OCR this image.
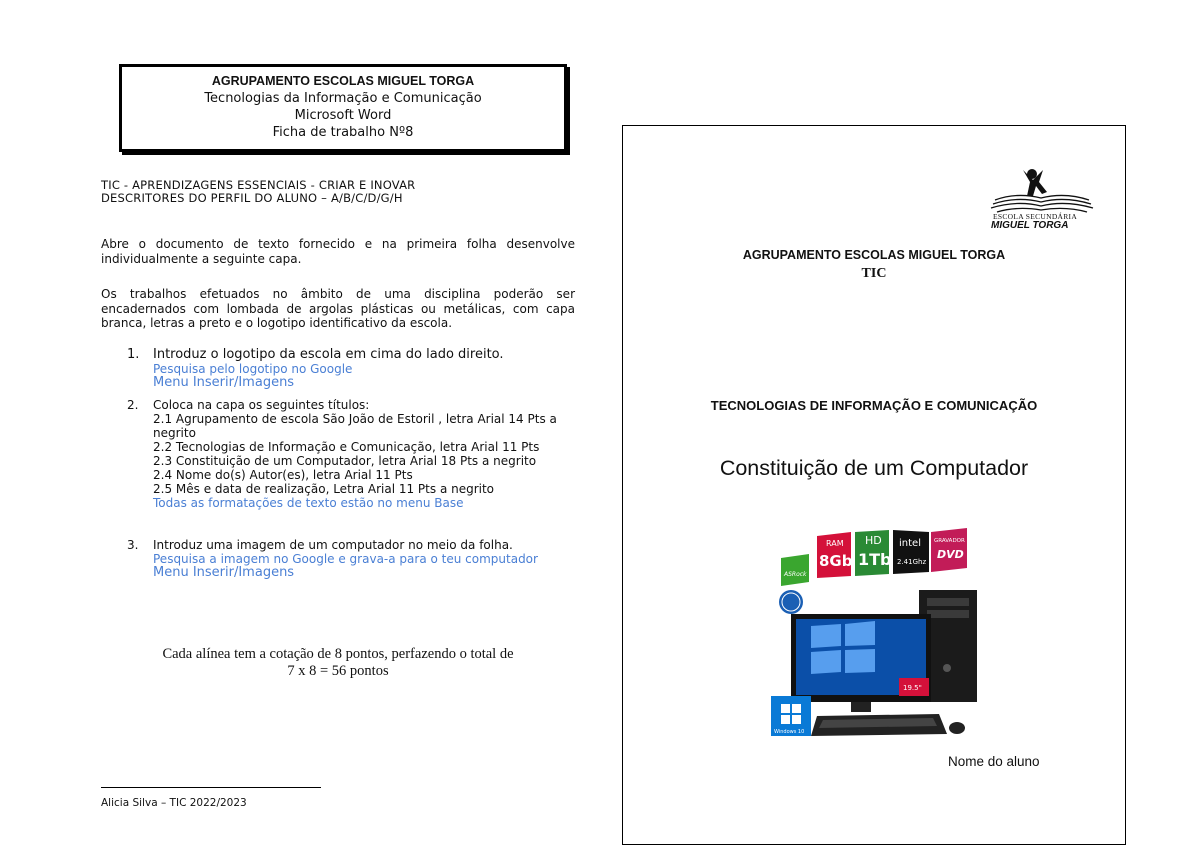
AGRUPAMENTO ESCOLAS MIGUEL TORGA
Tecnologias da Informação e Comunicação
Microsoft Word
Ficha de trabalho Nº8
TIC - APRENDIZAGENS ESSENCIAIS - CRIAR E INOVAR
DESCRITORES DO PERFIL DO ALUNO – A/B/C/D/G/H
Abre o documento de texto fornecido e na primeira folha desenvolve individualmente a seguinte capa.
Os trabalhos efetuados no âmbito de uma disciplina poderão ser encadernados com lombada de argolas plásticas ou metálicas, com capa branca, letras a preto e o logotipo identificativo da escola.
1. Introduz o logotipo da escola em cima do lado direito.
Pesquisa pelo logotipo no Google
Menu Inserir/Imagens
2. Coloca na capa os seguintes títulos:
2.1 Agrupamento de escola São João de Estoril , letra Arial 14 Pts a negrito
2.2 Tecnologias de Informação e Comunicação, letra Arial 11 Pts
2.3 Constituição de um Computador, letra Arial 18 Pts a negrito
2.4 Nome do(s) Autor(es), letra Arial 11 Pts
2.5 Mês e data de realização, Letra Arial 11 Pts a negrito
Todas as formatações de texto estão no menu Base
3. Introduz uma imagem de um computador no meio da folha.
Pesquisa a imagem no Google e grava-a para o teu computador
Menu Inserir/Imagens
Cada alínea tem a cotação de 8 pontos, perfazendo o total de
7 x 8 = 56 pontos
Alicia Silva – TIC 2022/2023
ESCOLA SECUNDÁRIA
MIGUEL TORGA
AGRUPAMENTO ESCOLAS MIGUEL TORGA
TIC
TECNOLOGIAS DE INFORMAÇÃO E COMUNICAÇÃO
Constituição de um Computador
ASRock
RAM
8Gb
HD
1Tb
intel
2.41Ghz
GRAVADOR
DVD
19.5"
Windows 10
Nome do aluno
